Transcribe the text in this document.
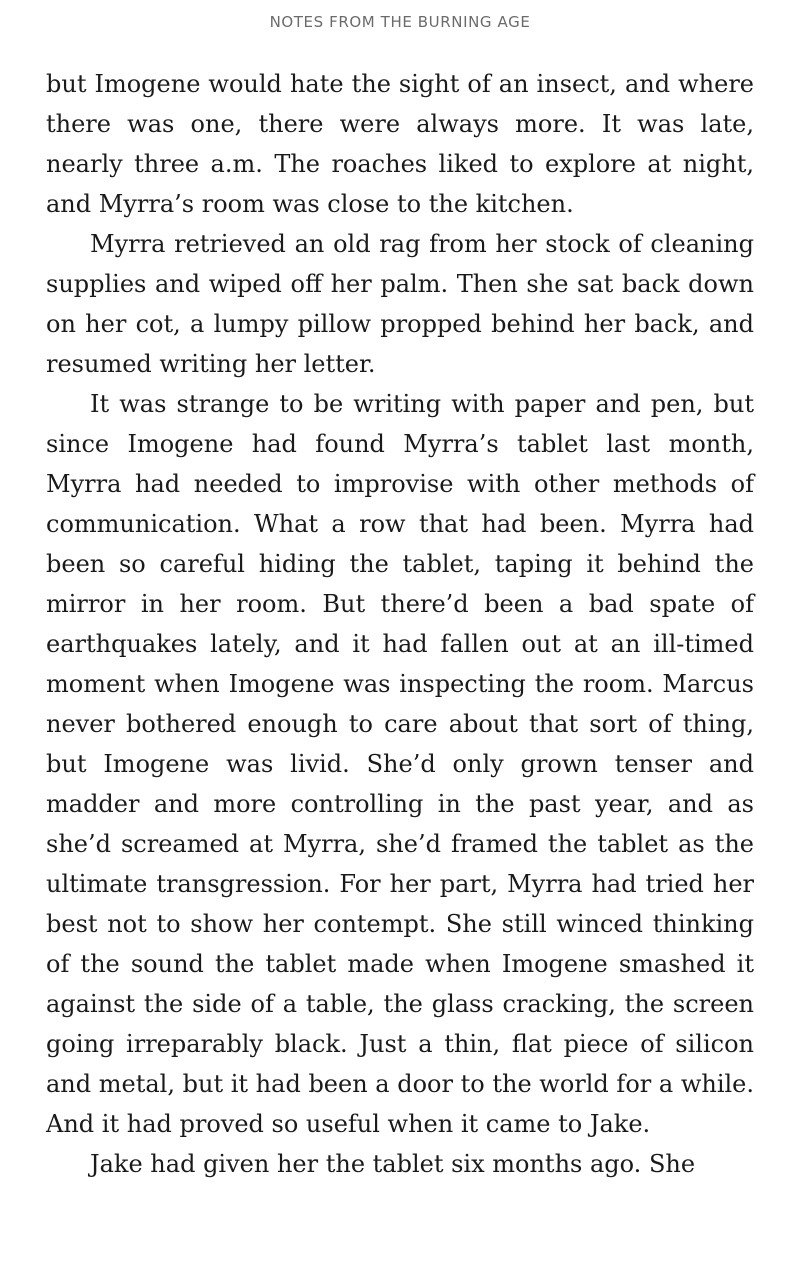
NOTES FROM THE BURNING AGE

but Imogene would hate the sight of an insect, and where there was one, there were always more. It was late, nearly three a.m. The roaches liked to explore at night, and Myrra’s room was close to the kitchen.

Myrra retrieved an old rag from her stock of cleaning supplies and wiped off her palm. Then she sat back down on her cot, a lumpy pillow propped behind her back, and resumed writing her letter.

It was strange to be writing with paper and pen, but since Imogene had found Myrra’s tablet last month, Myrra had needed to improvise with other methods of communication. What a row that had been. Myrra had been so careful hiding the tablet, taping it behind the mirror in her room. But there’d been a bad spate of earthquakes lately, and it had fallen out at an ill-timed moment when Imogene was inspecting the room. Marcus never bothered enough to care about that sort of thing, but Imogene was livid. She’d only grown tenser and madder and more controlling in the past year, and as she’d screamed at Myrra, she’d framed the tablet as the ultimate transgression. For her part, Myrra had tried her best not to show her contempt. She still winced thinking of the sound the tablet made when Imogene smashed it against the side of a table, the glass cracking, the screen going irreparably black. Just a thin, flat piece of silicon and metal, but it had been a door to the world for a while. And it had proved so useful when it came to Jake.

Jake had given her the tablet six months ago. She
